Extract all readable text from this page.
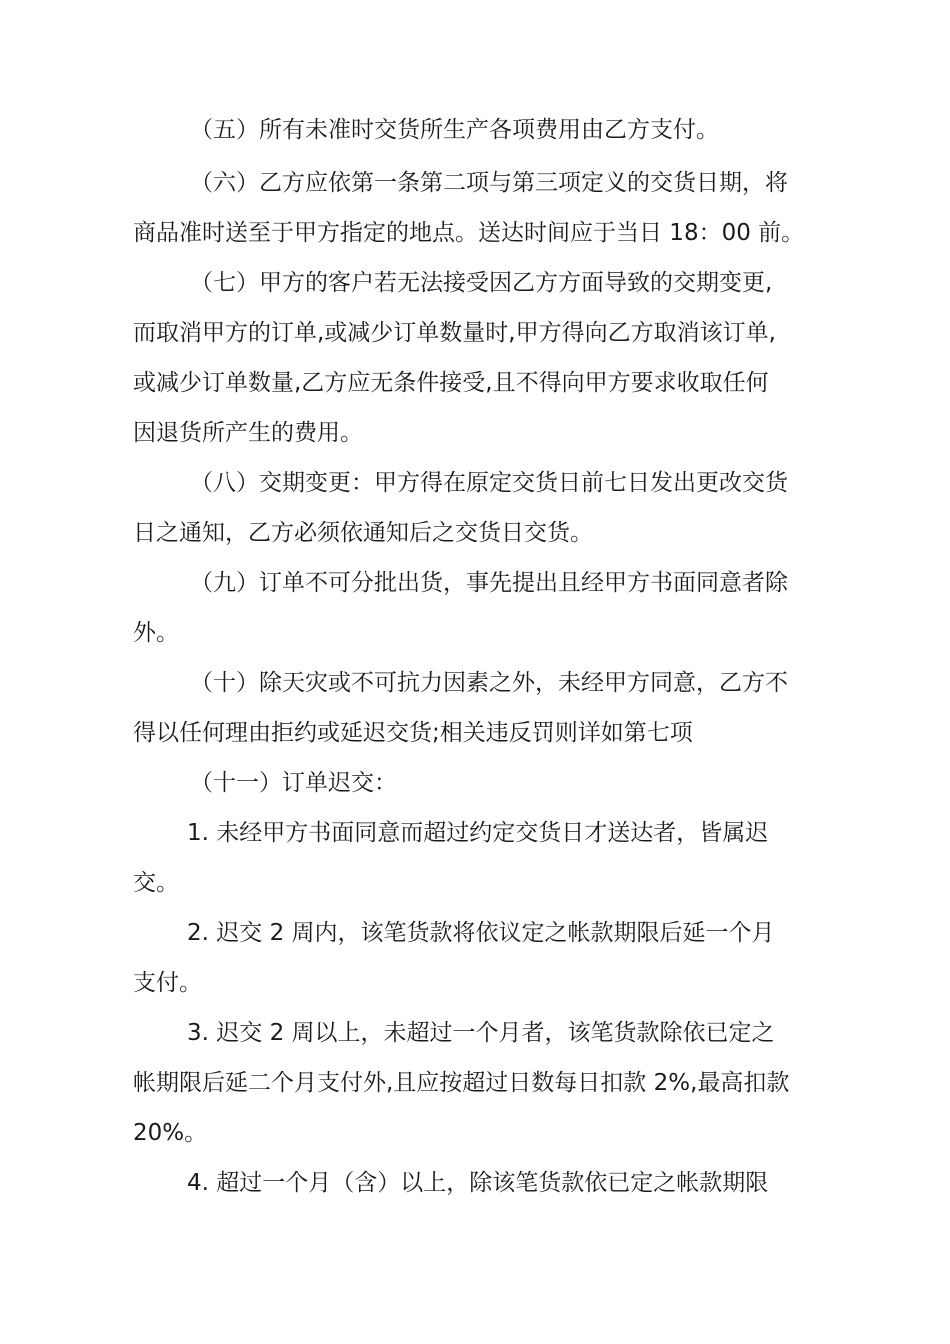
（五）所有未准时交货所生产各项费用由乙方支付。
（六）乙方应依第一条第二项与第三项定义的交货日期，将
商品准时送至于甲方指定的地点。送达时间应于当日 18：00 前。
（七）甲方的客户若无法接受因乙方方面导致的交期变更,
而取消甲方的订单,或减少订单数量时,甲方得向乙方取消该订单,
或减少订单数量,乙方应无条件接受,且不得向甲方要求收取任何
因退货所产生的费用。
（八）交期变更：甲方得在原定交货日前七日发出更改交货
日之通知，乙方必须依通知后之交货日交货。
（九）订单不可分批出货，事先提出且经甲方书面同意者除
外。
（十）除天灾或不可抗力因素之外，未经甲方同意，乙方不
得以任何理由拒约或延迟交货;相关违反罚则详如第七项
（十一）订单迟交：
1. 未经甲方书面同意而超过约定交货日才送达者，皆属迟
交。
2. 迟交 2 周内，该笔货款将依议定之帐款期限后延一个月
支付。
3. 迟交 2 周以上，未超过一个月者，该笔货款除依已定之
帐期限后延二个月支付外,且应按超过日数每日扣款 2%,最高扣款
20%。
4. 超过一个月（含）以上，除该笔货款依已定之帐款期限
